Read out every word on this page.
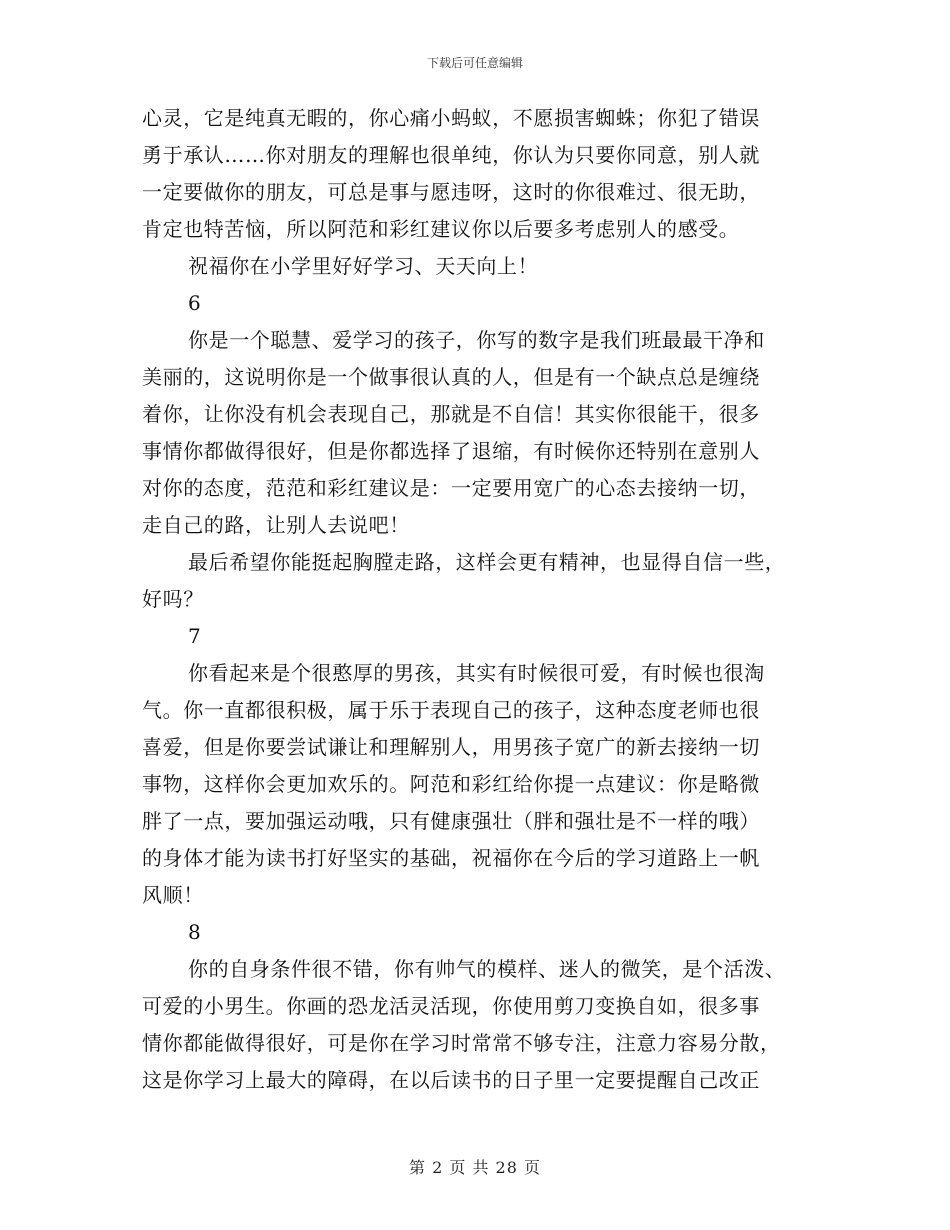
下载后可任意编辑
心灵，它是纯真无暇的，你心痛小蚂蚁，不愿损害蜘蛛；你犯了错误
勇于承认……你对朋友的理解也很单纯，你认为只要你同意，别人就
一定要做你的朋友，可总是事与愿违呀，这时的你很难过、很无助，
肯定也特苦恼，所以阿范和彩红建议你以后要多考虑别人的感受。
祝福你在小学里好好学习、天天向上！
6
你是一个聪慧、爱学习的孩子，你写的数字是我们班最最干净和
美丽的，这说明你是一个做事很认真的人，但是有一个缺点总是缠绕
着你，让你没有机会表现自己，那就是不自信！其实你很能干，很多
事情你都做得很好，但是你都选择了退缩，有时候你还特别在意别人
对你的态度，范范和彩红建议是：一定要用宽广的心态去接纳一切，
走自己的路，让别人去说吧！
最后希望你能挺起胸膛走路，这样会更有精神，也显得自信一些，
好吗？
7
你看起来是个很憨厚的男孩，其实有时候很可爱，有时候也很淘
气。你一直都很积极，属于乐于表现自己的孩子，这种态度老师也很
喜爱，但是你要尝试谦让和理解别人，用男孩子宽广的新去接纳一切
事物，这样你会更加欢乐的。阿范和彩红给你提一点建议：你是略微
胖了一点，要加强运动哦，只有健康强壮（胖和强壮是不一样的哦）
的身体才能为读书打好坚实的基础，祝福你在今后的学习道路上一帆
风顺！
8
你的自身条件很不错，你有帅气的模样、迷人的微笑，是个活泼、
可爱的小男生。你画的恐龙活灵活现，你使用剪刀变换自如，很多事
情你都能做得很好，可是你在学习时常常不够专注，注意力容易分散，
这是你学习上最大的障碍，在以后读书的日子里一定要提醒自己改正
第 2 页 共 28 页
